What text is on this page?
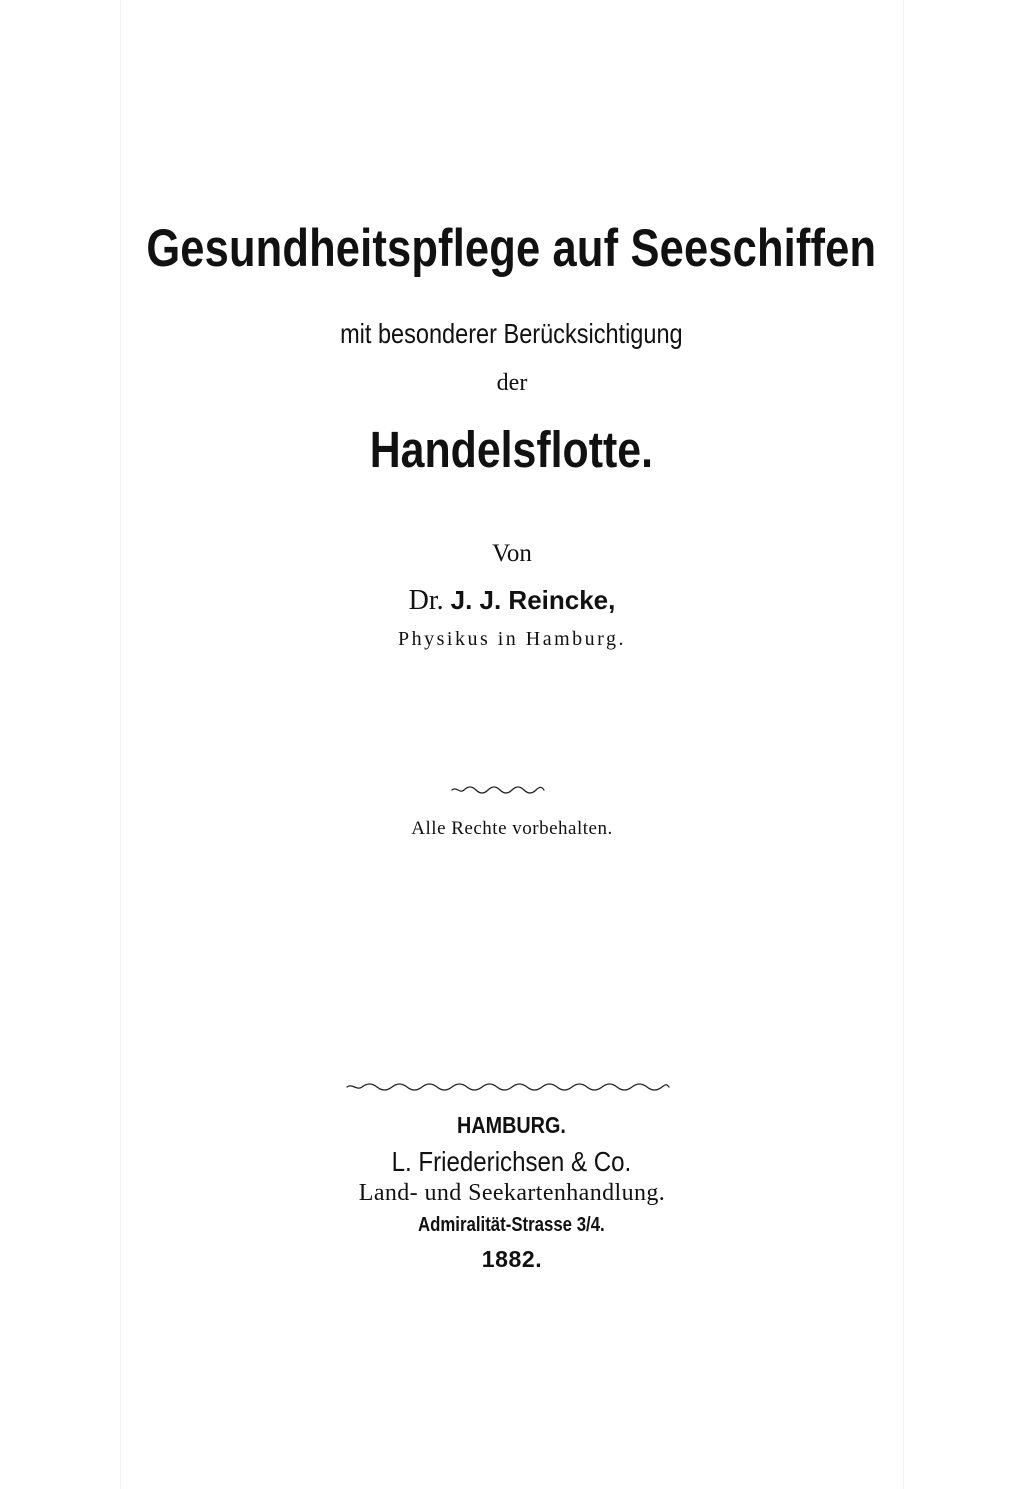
Gesundheitspflege auf Seeschiffen
mit besonderer Berücksichtigung
der
Handelsflotte.
Von
Dr. J. J. Reincke,
Physikus in Hamburg.
Alle Rechte vorbehalten.
HAMBURG.
L. Friederichsen & Co.
Land- und Seekartenhandlung.
Admiralität-Strasse 3/4.
1882.
